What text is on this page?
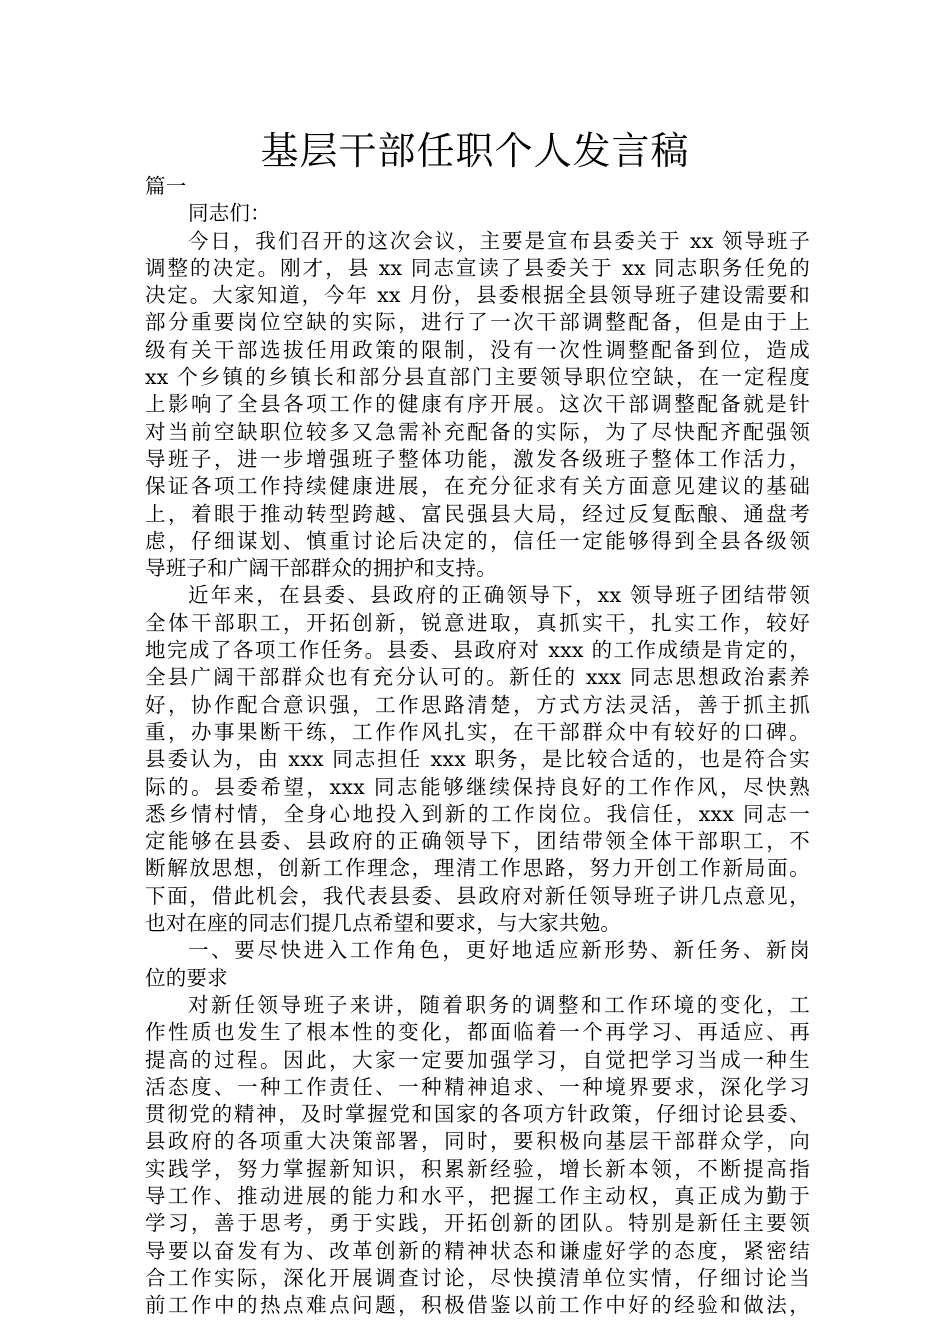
基层干部任职个人发言稿
篇一
同志们：
今日，我们召开的这次会议，主要是宣布县委关于 xx 领导班子
调整的决定。刚才，县 xx 同志宣读了县委关于 xx 同志职务任免的
决定。大家知道，今年 xx 月份，县委根据全县领导班子建设需要和
部分重要岗位空缺的实际，进行了一次干部调整配备，但是由于上
级有关干部选拔任用政策的限制，没有一次性调整配备到位，造成
xx 个乡镇的乡镇长和部分县直部门主要领导职位空缺，在一定程度
上影响了全县各项工作的健康有序开展。这次干部调整配备就是针
对当前空缺职位较多又急需补充配备的实际，为了尽快配齐配强领
导班子，进一步增强班子整体功能，激发各级班子整体工作活力，
保证各项工作持续健康进展，在充分征求有关方面意见建议的基础
上，着眼于推动转型跨越、富民强县大局，经过反复酝酿、通盘考
虑，仔细谋划、慎重讨论后决定的，信任一定能够得到全县各级领
导班子和广阔干部群众的拥护和支持。
近年来，在县委、县政府的正确领导下，xx 领导班子团结带领
全体干部职工，开拓创新，锐意进取，真抓实干，扎实工作，较好
地完成了各项工作任务。县委、县政府对 xxx 的工作成绩是肯定的，
全县广阔干部群众也有充分认可的。新任的 xxx 同志思想政治素养
好，协作配合意识强，工作思路清楚，方式方法灵活，善于抓主抓
重，办事果断干练，工作作风扎实，在干部群众中有较好的口碑。
县委认为，由 xxx 同志担任 xxx 职务，是比较合适的，也是符合实
际的。县委希望，xxx 同志能够继续保持良好的工作作风，尽快熟
悉乡情村情，全身心地投入到新的工作岗位。我信任，xxx 同志一
定能够在县委、县政府的正确领导下，团结带领全体干部职工，不
断解放思想，创新工作理念，理清工作思路，努力开创工作新局面。
下面，借此机会，我代表县委、县政府对新任领导班子讲几点意见，
也对在座的同志们提几点希望和要求，与大家共勉。
一、要尽快进入工作角色，更好地适应新形势、新任务、新岗
位的要求
对新任领导班子来讲，随着职务的调整和工作环境的变化，工
作性质也发生了根本性的变化，都面临着一个再学习、再适应、再
提高的过程。因此，大家一定要加强学习，自觉把学习当成一种生
活态度、一种工作责任、一种精神追求、一种境界要求，深化学习
贯彻党的精神，及时掌握党和国家的各项方针政策，仔细讨论县委、
县政府的各项重大决策部署，同时，要积极向基层干部群众学，向
实践学，努力掌握新知识，积累新经验，增长新本领，不断提高指
导工作、推动进展的能力和水平，把握工作主动权，真正成为勤于
学习，善于思考，勇于实践，开拓创新的团队。特别是新任主要领
导要以奋发有为、改革创新的精神状态和谦虚好学的态度，紧密结
合工作实际，深化开展调查讨论，尽快摸清单位实情，仔细讨论当
前工作中的热点难点问题，积极借鉴以前工作中好的经验和做法，
